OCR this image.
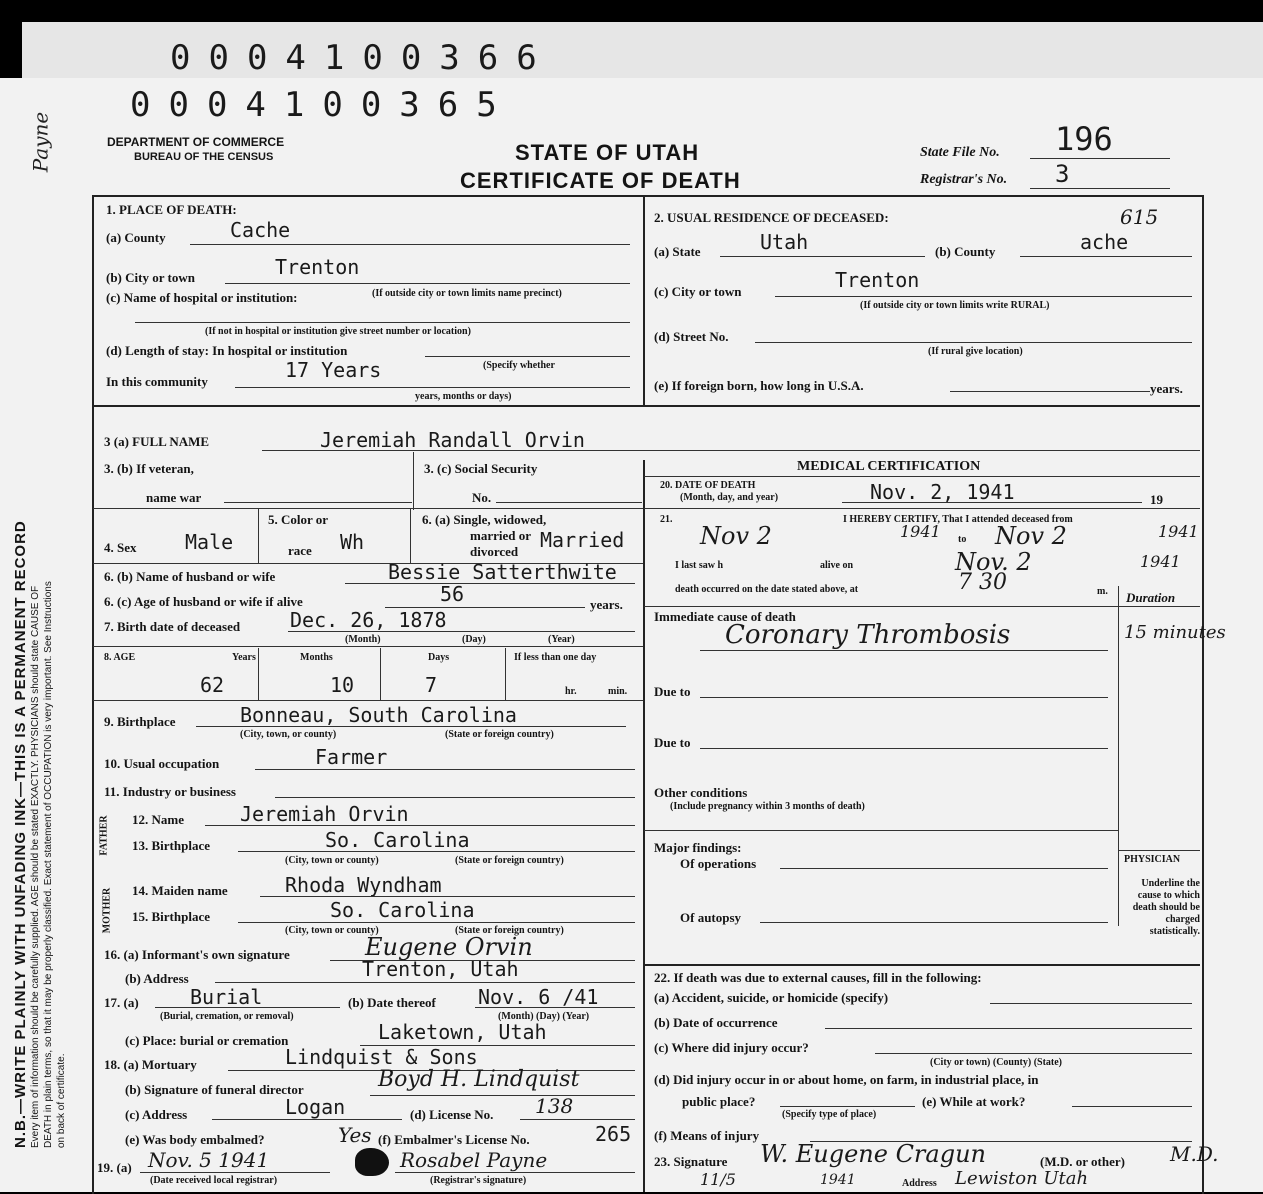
0004100366
0004100365
N.B.—WRITE PLAINLY WITH UNFADING INK—THIS IS A PERMANENT RECORD Every item of information should be carefully supplied. AGE should be stated EXACTLY. PHYSICIANS should state CAUSE OF DEATH in plain terms, so that it may be properly classified. Exact statement of OCCUPATION is very important. See Instructions on back of certificate.
Payne	DEPARTMENT OF COMMERCE
BUREAU OF THE CENSUS	STATE OF UTAH
CERTIFICATE OF DEATH
State File No. 196
Registrar's No. 3
1. PLACE OF DEATH:
(a) County	Cache
(b) City or town	Trenton
(c) Name of hospital or institution:	(If outside city or town limits name precinct)
(If not in hospital or institution give street number or location)
(d) Length of stay: In hospital or institution
In this community	17 Years	(Specify whether
years, months or days)
2. USUAL RESIDENCE OF DECEASED:	615
(a) State	Utah	(b) County	ache
(c) City or town	Trenton
(If outside city or town limits write RURAL)
(d) Street No.
(If rural give location)
(e) If foreign born, how long in U.S.A.	years.
3 (a) FULL NAME	Jeremiah Randall Orvin
3. (b) If veteran,
name war
3. (c) Social Security
No.
4. Sex Male
5. Color or
race Wh
6. (a) Single, widowed,
married or
divorced Married
6. (b) Name of husband or wife	Bessie Satterthwite
6. (c) Age of husband or wife if alive	56	years.
7. Birth date of deceased Dec. 26, 1878
(Month)	(Day)	(Year)
8. AGE	Years	Months	Days	If less than one day
62	10	7	hr.	min.
9. Birthplace	Bonneau, South Carolina
(City, town, or county)	(State or foreign country)
10. Usual occupation	Farmer
11. Industry or business
FATHER
MOTHER
12. Name	Jeremiah Orvin
13. Birthplace	So. Carolina
(City, town or county)	(State or foreign country)
14. Maiden name	Rhoda Wyndham
15. Birthplace	So. Carolina
(City, town or county)	(State or foreign country)
16. (a) Informant's own signature	Eugene Orvin
(b) Address	Trenton, Utah
17. (a)	Burial
(Burial, cremation, or removal)
(b) Date thereof Nov. 6 /41
(Month) (Day) (Year)
(c) Place: burial or cremation	Laketown, Utah
18. (a) Mortuary	Lindquist & Sons
(b) Signature of funeral director	Boyd H. Lindquist
(c) Address	Logan	(d) License No. 138
(e) Was body embalmed?	Yes (f) Embalmer's License No.	265
19. (a) Nov. 5 1941
(Date received local registrar)
Rosabel Payne
(Registrar's signature)
MEDICAL CERTIFICATION
20. DATE OF DEATH
(Month, day, and year)	Nov. 2, 1941	19
21.	I HEREBY CERTIFY, That I attended deceased from
Nov 2	1941 to Nov 2	1941
I last saw h	alive on	Nov. 2	1941
death occurred on the date stated above, at	7 30	m. Duration
Immediate cause of death
Coronary Thrombosis	15 minutes
Due to
Due to
Other conditions
(Include pregnancy within 3 months of death)
Major findings:
Of operations
Of autopsy
PHYSICIAN
Underline the cause to which death should be charged statistically.
22. If death was due to external causes, fill in the following:
(a) Accident, suicide, or homicide (specify)
(b) Date of occurrence
(c) Where did injury occur?
(City or town) (County) (State)
(d) Did injury occur in or about home, on farm, in industrial place, in
public place?
(Specify type of place)
(e) While at work?
(f) Means of injury
23. Signature W. Eugene Cragun	(M.D. or other) M.D.
11/5	1941	Address Lewiston Utah
